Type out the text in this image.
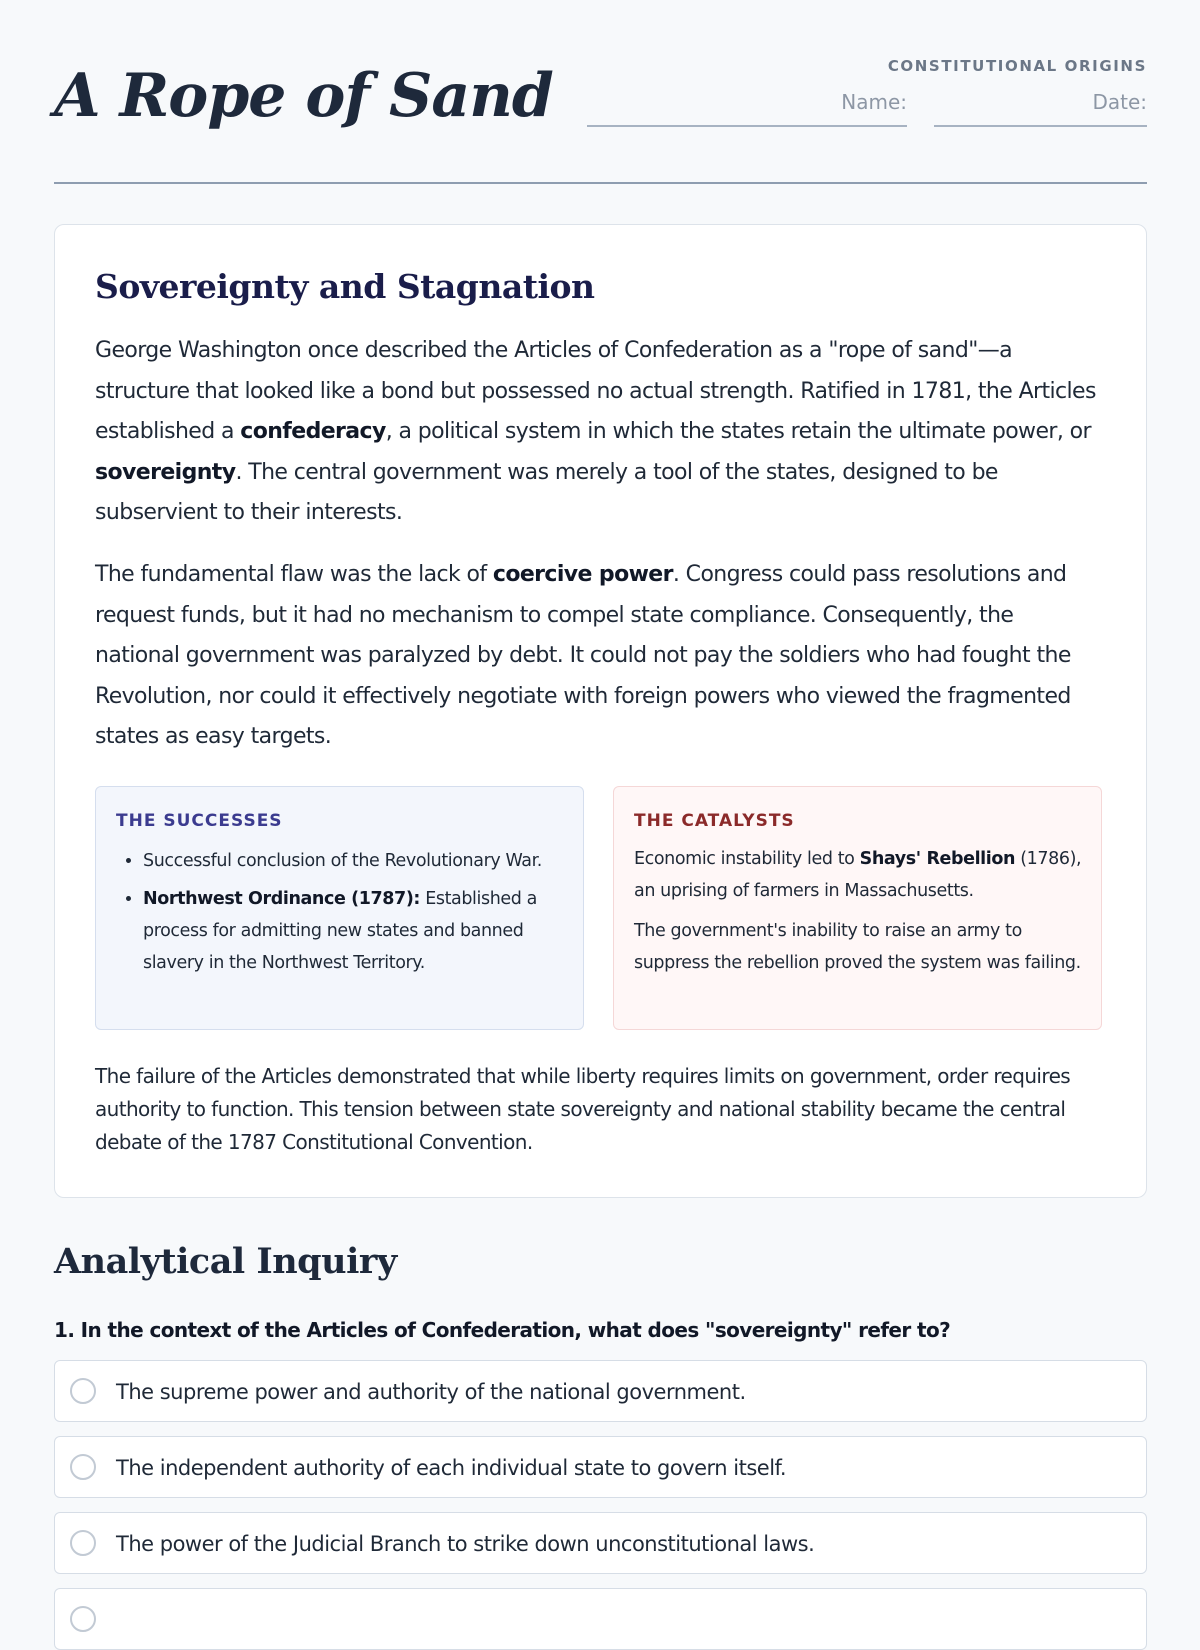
A Rope of Sand	CONSTITUTIONAL ORIGINS
Name:	Date:
Sovereignty and Stagnation

George Washington once described the Articles of Confederation as a "rope of sand"—a structure that looked like a bond but possessed no actual strength. Ratified in 1781, the Articles established a confederacy, a political system in which the states retain the ultimate power, or sovereignty. The central government was merely a tool of the states, designed to be subservient to their interests.

The fundamental flaw was the lack of coercive power. Congress could pass resolutions and request funds, but it had no mechanism to compel state compliance. Consequently, the national government was paralyzed by debt. It could not pay the soldiers who had fought the Revolution, nor could it effectively negotiate with foreign powers who viewed the fragmented states as easy targets.

THE SUCCESSES
• Successful conclusion of the Revolutionary War.
• Northwest Ordinance (1787): Established a process for admitting new states and banned slavery in the Northwest Territory.
THE CATALYSTS

Economic instability led to Shays' Rebellion (1786), an uprising of farmers in Massachusetts.

The government's inability to raise an army to suppress the rebellion proved the system was failing.

The failure of the Articles demonstrated that while liberty requires limits on government, order requires authority to function. This tension between state sovereignty and national stability became the central debate of the 1787 Constitutional Convention.

Analytical Inquiry

1. In the context of the Articles of Confederation, what does "sovereignty" refer to?

The supreme power and authority of the national government.
The independent authority of each individual state to govern itself.
The power of the Judicial Branch to strike down unconstitutional laws.
